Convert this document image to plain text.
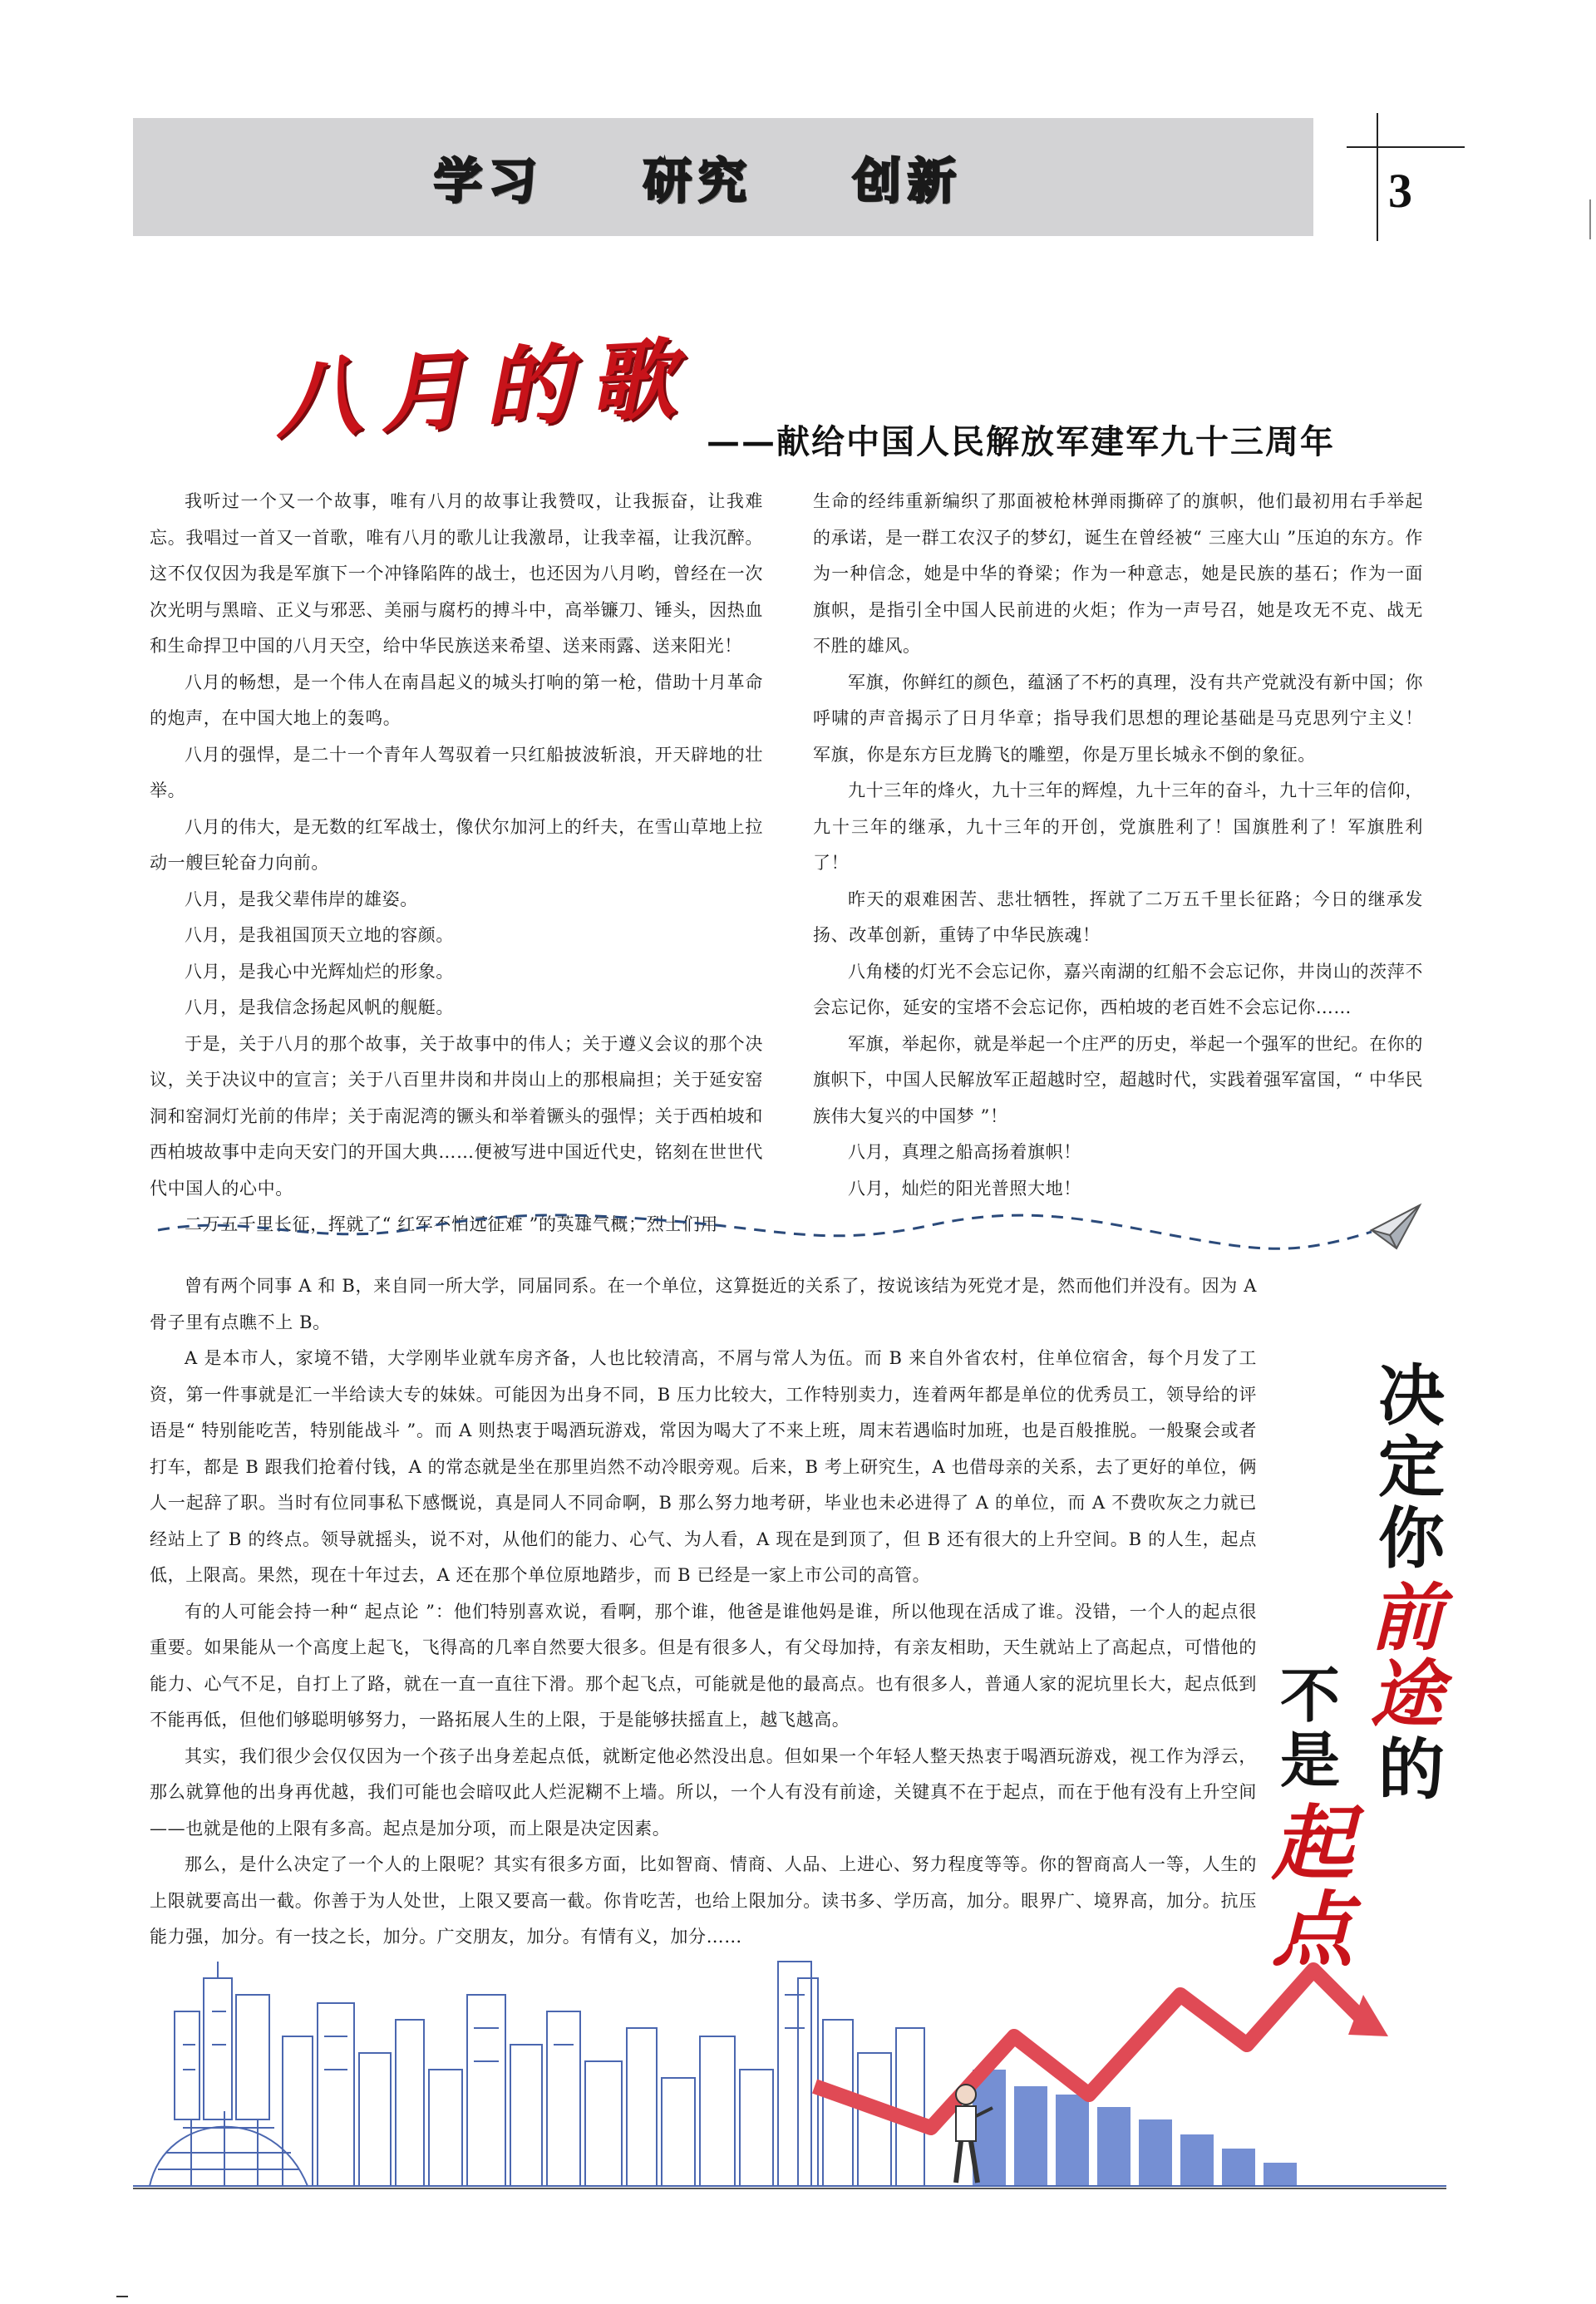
学习 研究 创新	3
八月的歌 ——献给中国人民解放军建军九十三周年

我听过一个又一个故事，唯有八月的故事让我赞叹，让我振奋，让我难忘。我唱过一首又一首歌，唯有八月的歌儿让我激昂，让我幸福，让我沉醉。这不仅仅因为我是军旗下一个冲锋陷阵的战士，也还因为八月哟，曾经在一次次光明与黑暗、正义与邪恶、美丽与腐朽的搏斗中，高举镰刀、锤头，因热血和生命捍卫中国的八月天空，给中华民族送来希望、送来雨露、送来阳光！

八月的畅想，是一个伟人在南昌起义的城头打响的第一枪，借助十月革命的炮声，在中国大地上的轰鸣。

八月的强悍，是二十一个青年人驾驭着一只红船披波斩浪，开天辟地的壮举。

八月的伟大，是无数的红军战士，像伏尔加河上的纤夫，在雪山草地上拉动一艘巨轮奋力向前。

八月，是我父辈伟岸的雄姿。

八月，是我祖国顶天立地的容颜。

八月，是我心中光辉灿烂的形象。

八月，是我信念扬起风帆的舰艇。

于是，关于八月的那个故事，关于故事中的伟人；关于遵义会议的那个决议，关于决议中的宣言；关于八百里井岗和井岗山上的那根扁担；关于延安窑洞和窑洞灯光前的伟岸；关于南泥湾的镢头和举着镢头的强悍；关于西柏坡和西柏坡故事中走向天安门的开国大典……便被写进中国近代史，铭刻在世世代代中国人的心中。

二万五千里长征，挥就了“ 红军不怕远征难 ”的英雄气概；烈士们用

生命的经纬重新编织了那面被枪林弹雨撕碎了的旗帜，他们最初用右手举起的承诺，是一群工农汉子的梦幻，诞生在曾经被“ 三座大山 ”压迫的东方。作为一种信念，她是中华的脊梁；作为一种意志，她是民族的基石；作为一面旗帜，是指引全中国人民前进的火炬；作为一声号召，她是攻无不克、战无不胜的雄风。

军旗，你鲜红的颜色，蕴涵了不朽的真理，没有共产党就没有新中国；你呼啸的声音揭示了日月华章；指导我们思想的理论基础是马克思列宁主义！军旗，你是东方巨龙腾飞的雕塑，你是万里长城永不倒的象征。

九十三年的烽火，九十三年的辉煌，九十三年的奋斗，九十三年的信仰，九十三年的继承，九十三年的开创，党旗胜利了！国旗胜利了！军旗胜利了！

昨天的艰难困苦、悲壮牺牲，挥就了二万五千里长征路；今日的继承发扬、改革创新，重铸了中华民族魂！

八角楼的灯光不会忘记你，嘉兴南湖的红船不会忘记你，井岗山的茨萍不会忘记你，延安的宝塔不会忘记你，西柏坡的老百姓不会忘记你……

军旗，举起你，就是举起一个庄严的历史，举起一个强军的世纪。在你的旗帜下，中国人民解放军正超越时空，超越时代，实践着强军富国，“ 中华民族伟大复兴的中国梦 ”！

八月，真理之船高扬着旗帜！

八月，灿烂的阳光普照大地！

曾有两个同事 A 和 B，来自同一所大学，同届同系。在一个单位，这算挺近的关系了，按说该结为死党才是，然而他们并没有。因为 A 骨子里有点瞧不上 B。

A 是本市人，家境不错，大学刚毕业就车房齐备，人也比较清高，不屑与常人为伍。而 B 来自外省农村，住单位宿舍，每个月发了工资，第一件事就是汇一半给读大专的妹妹。可能因为出身不同，B 压力比较大，工作特别卖力，连着两年都是单位的优秀员工，领导给的评语是“ 特别能吃苦，特别能战斗 ”。而 A 则热衷于喝酒玩游戏，常因为喝大了不来上班，周末若遇临时加班，也是百般推脱。一般聚会或者打车，都是 B 跟我们抢着付钱，A 的常态就是坐在那里岿然不动冷眼旁观。后来，B 考上研究生，A 也借母亲的关系，去了更好的单位，俩人一起辞了职。当时有位同事私下感慨说，真是同人不同命啊，B 那么努力地考研，毕业也未必进得了 A 的单位，而 A 不费吹灰之力就已经站上了 B 的终点。领导就摇头，说不对，从他们的能力、心气、为人看，A 现在是到顶了，但 B 还有很大的上升空间。B 的人生，起点低，上限高。果然，现在十年过去，A 还在那个单位原地踏步，而 B 已经是一家上市公司的高管。

有的人可能会持一种“ 起点论 ”：他们特别喜欢说，看啊，那个谁，他爸是谁他妈是谁，所以他现在活成了谁。没错，一个人的起点很重要。如果能从一个高度上起飞，飞得高的几率自然要大很多。但是有很多人，有父母加持，有亲友相助，天生就站上了高起点，可惜他的能力、心气不足，自打上了路，就在一直一直往下滑。那个起飞点，可能就是他的最高点。也有很多人，普通人家的泥坑里长大，起点低到不能再低，但他们够聪明够努力，一路拓展人生的上限，于是能够扶摇直上，越飞越高。

其实，我们很少会仅仅因为一个孩子出身差起点低，就断定他必然没出息。但如果一个年轻人整天热衷于喝酒玩游戏，视工作为浮云，那么就算他的出身再优越，我们可能也会暗叹此人烂泥糊不上墙。所以，一个人有没有前途，关键真不在于起点，而在于他有没有上升空间——也就是他的上限有多高。起点是加分项，而上限是决定因素。

那么，是什么决定了一个人的上限呢？其实有很多方面，比如智商、情商、人品、上进心、努力程度等等。你的智商高人一等，人生的上限就要高出一截。你善于为人处世，上限又要高一截。你肯吃苦，也给上限加分。读书多、学历高，加分。眼界广、境界高，加分。抗压能力强，加分。有一技之长，加分。广交朋友，加分。有情有义，加分……

决
定
你
前
途
的
不
是
起
点
